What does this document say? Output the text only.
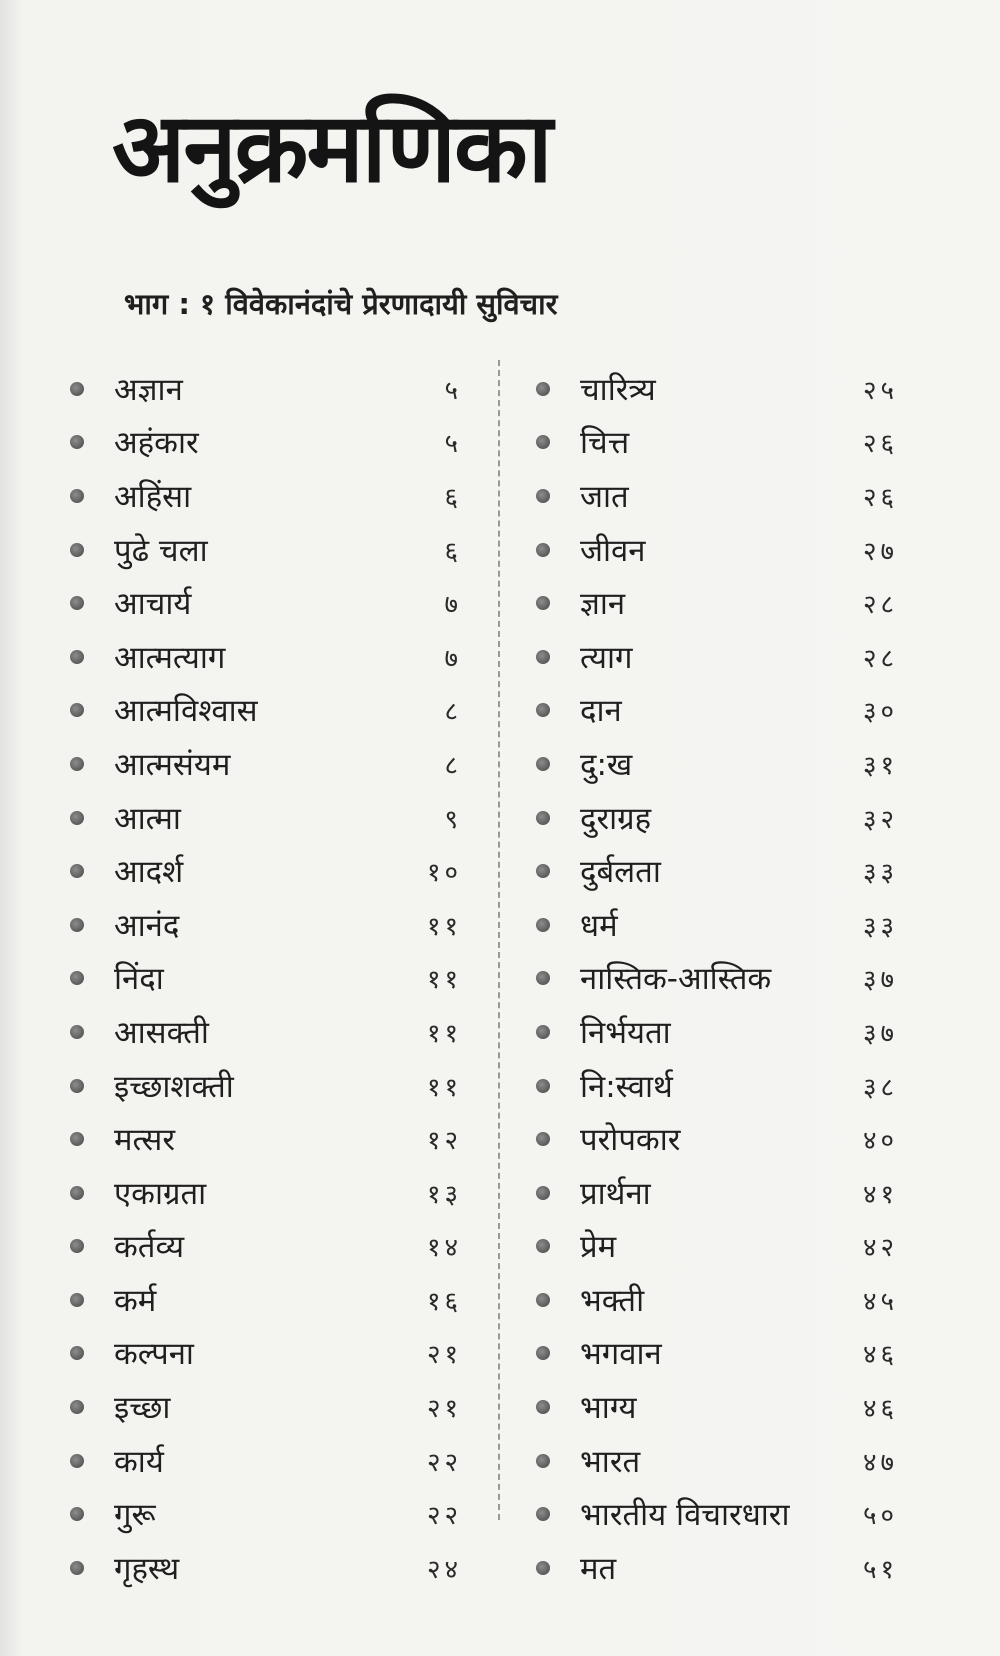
अनुक्रमणिका
भाग : १ विवेकानंदांचे प्रेरणादायी सुविचार
अज्ञान	५
अहंकार	५
अहिंसा	६
पुढे चला	६
आचार्य	७
आत्मत्याग	७
आत्मविश्वास	८
आत्मसंयम	८
आत्मा	९
आदर्श	१०
आनंद	११
निंदा	११
आसक्ती	११
इच्छाशक्ती	११
मत्सर	१२
एकाग्रता	१३
कर्तव्य	१४
कर्म	१६
कल्पना	२१
इच्छा	२१
कार्य	२२
गुरू	२२
गृहस्थ	२४
चारित्र्य	२५
चित्त	२६
जात	२६
जीवन	२७
ज्ञान	२८
त्याग	२८
दान	३०
दु:ख	३१
दुराग्रह	३२
दुर्बलता	३३
धर्म	३३
नास्तिक-आस्तिक	३७
निर्भयता	३७
नि:स्वार्थ	३८
परोपकार	४०
प्रार्थना	४१
प्रेम	४२
भक्ती	४५
भगवान	४६
भाग्य	४६
भारत	४७
भारतीय विचारधारा	५०
मत	५१
